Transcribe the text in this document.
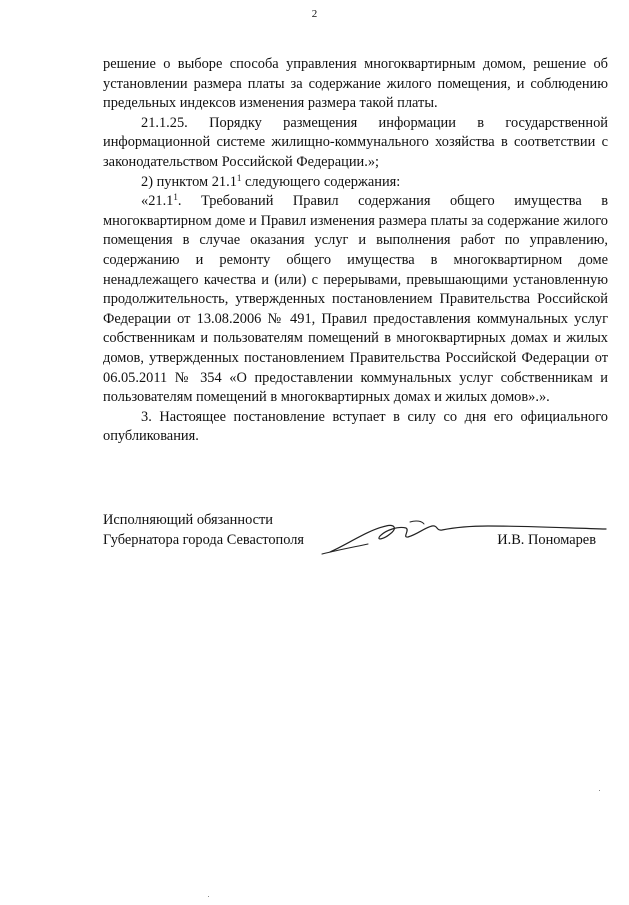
2

решение о выборе способа управления многоквартирным домом, решение об установлении размера платы за содержание жилого помещения, и соблюдению предельных индексов изменения размера такой платы.

21.1.25. Порядку размещения информации в государственной информационной системе жилищно-коммунального хозяйства в соответствии с законодательством Российской Федерации.»;

2) пунктом 21.1$^1$ следующего содержания:

«21.1$^1$. Требований Правил содержания общего имущества в многоквартирном доме и Правил изменения размера платы за содержание жилого помещения в случае оказания услуг и выполнения работ по управлению, содержанию и ремонту общего имущества в многоквартирном доме ненадлежащего качества и (или) с перерывами, превышающими установленную продолжительность, утвержденных постановлением Правительства Российской Федерации от 13.08.2006 № 491, Правил предоставления коммунальных услуг собственникам и пользователям помещений в многоквартирных домах и жилых домов, утвержденных постановлением Правительства Российской Федерации от 06.05.2011 № 354 «О предоставлении коммунальных услуг собственникам и пользователям помещений в многоквартирных домах и жилых домов».».

3. Настоящее постановление вступает в силу со дня его официального опубликования.

Исполняющий обязанности
Губернатора города Севастополя	И.В. Пономарев
